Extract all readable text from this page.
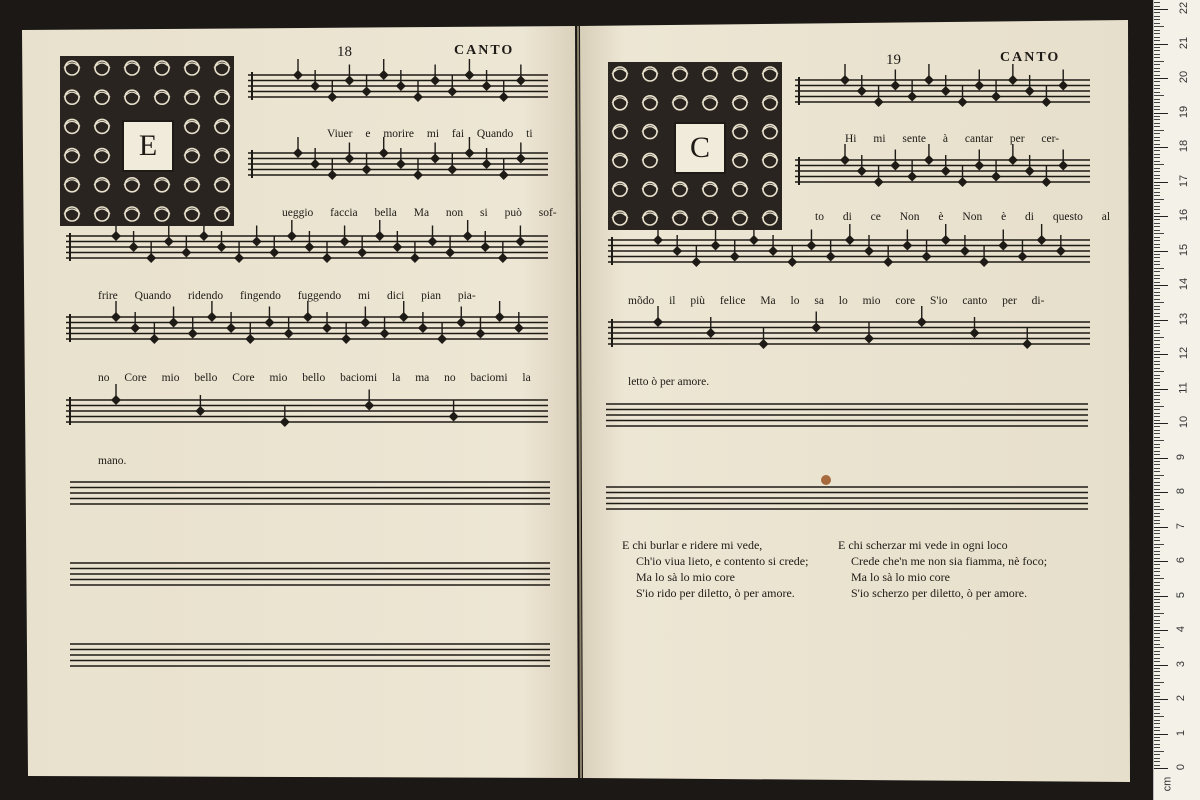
18	CANTO
E	Viuer e morire mi fai Quando ti
ueggio faccia bella Ma non si può sof-
frire Quando ridendo fingendo fuggendo mi dici pian pia-
no Core mio bello Core mio bello baciomi la ma no baciomi la
mano.
19	CANTO
C	Hi mi sente à cantar per cer-
to di ce Non è Non è di questo al
mõdo il più felice Ma lo sa lo mio core S'io canto per di-
letto ò per amore.
E chi burlar e ridere mi vede,
Ch'io viua lieto, e contento si crede;
Ma lo sà lo mio core
S'io rido per diletto, ò per amore.
E chi scherzar mi vede in ogni loco
Crede che'n me non sia fiamma, nè foco;
Ma lo sà lo mio core
S'io scherzo per diletto, ò per amore.
0
1
2
3
4
5
6
7
8
9
10
11
12
13
14
15
16
17
18
19
20
21
22
cm
